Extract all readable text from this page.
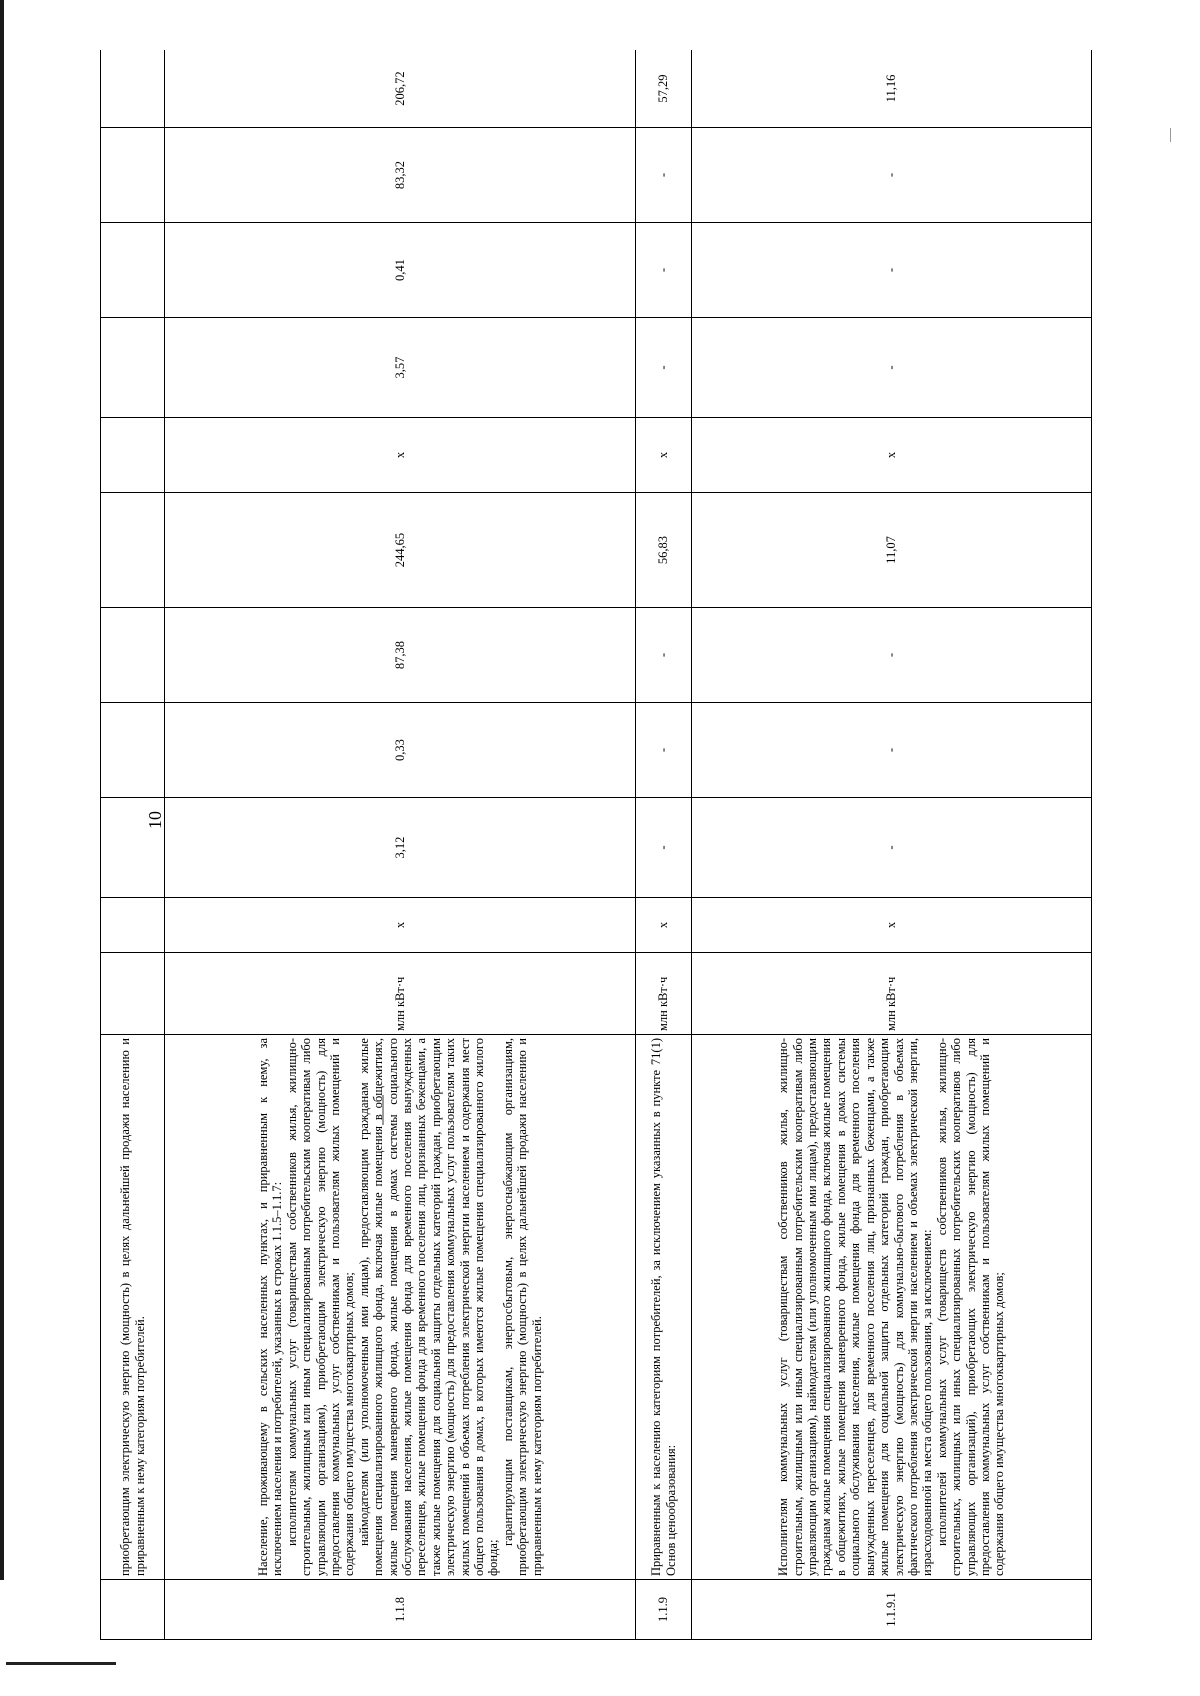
10

	приобретающим электрическую энергию (мощность) в целях дальнейшей продажи населению и приравненным к нему категориям потребителей.											

1.1.8	Население, проживающему в сельских населенных пунктах, и приравненным к нему, за исключением населения и потребителей, указанных в строках 1.1.5–1.1.7: исполнителям коммунальных услуг (товариществам собственников жилья, жилищно-строительным, жилищным или иным специализированным потребительским кооперативам либо управляющим организациям), приобретающим электрическую энергию (мощность) для предоставления коммунальных услуг собственникам и пользователям жилых помещений и содержания общего имущества многоквартирных домов; наймодателям (или уполномоченным ими лицам), предоставляющим гражданам жилые помещения специализированного жилищного фонда, включая жилые помещения в общежитиях, жилые помещения маневренного фонда, жилые помещения в домах системы социального обслуживания населения, жилые помещения фонда для временного поселения вынужденных переселенцев, жилые помещения фонда для временного поселения лиц, признанных беженцами, а также жилые помещения для социальной защиты отдельных категорий граждан, приобретающим электрическую энергию (мощность) для предоставления коммунальных услуг пользователям таких жилых помещений в объемах потребления электрической энергии населением и содержания мест общего пользования в домах, в которых имеются жилые помещения специализированного жилого фонда;

гарантирующим поставщикам, энергосбытовым, энергоснабжающим организациям, приобретающим электрическую энергию (мощность) в целях дальнейшей продажи населению и приравненным к нему категориям потребителей.	млн кВт·ч	x	3,12	0,33	87,38	244,65	x	3,57	0,41	83,32	206,72
1.1.9	Приравненным к населению категориям потребителей, за исключением указанных в пункте 71(1) Основ ценообразования:	млн кВт·ч	x	-	-	-	56,83	x	-	-	-	57,29
1.1.9.1	Исполнителям коммунальных услуг (товариществам собственников жилья, жилищно-строительным, жилищным или иным специализированным потребительским кооперативам либо управляющим организациям), наймодателям (или уполномоченным ими лицам), предоставляющим гражданам жилые помещения специализированного жилищного фонда, включая жилые помещения в общежитиях, жилые помещения маневренного фонда, жилые помещения в домах системы социального обслуживания населения, жилые помещения фонда для временного поселения вынужденных переселенцев, для временного поселения лиц, признанных беженцами, а также жилые помещения для социальной защиты отдельных категорий граждан, приобретающим электрическую энергию (мощность) для коммунально-бытового потребления в объемах фактического потребления электрической энергии населением и объемах электрической энергии, израсходованной на места общего пользования, за исключением: исполнителей коммунальных услуг (товариществ собственников жилья, жилищно-строительных, жилищных или иных специализированных потребительских кооперативов либо управляющих организаций), приобретающих электрическую энергию (мощность) для предоставления коммунальных услуг собственникам и пользователям жилых помещений и содержания общего имущества многоквартирных домов;	млн кВт·ч	x	-	-	-	11,07	x	-	-	-	11,16
